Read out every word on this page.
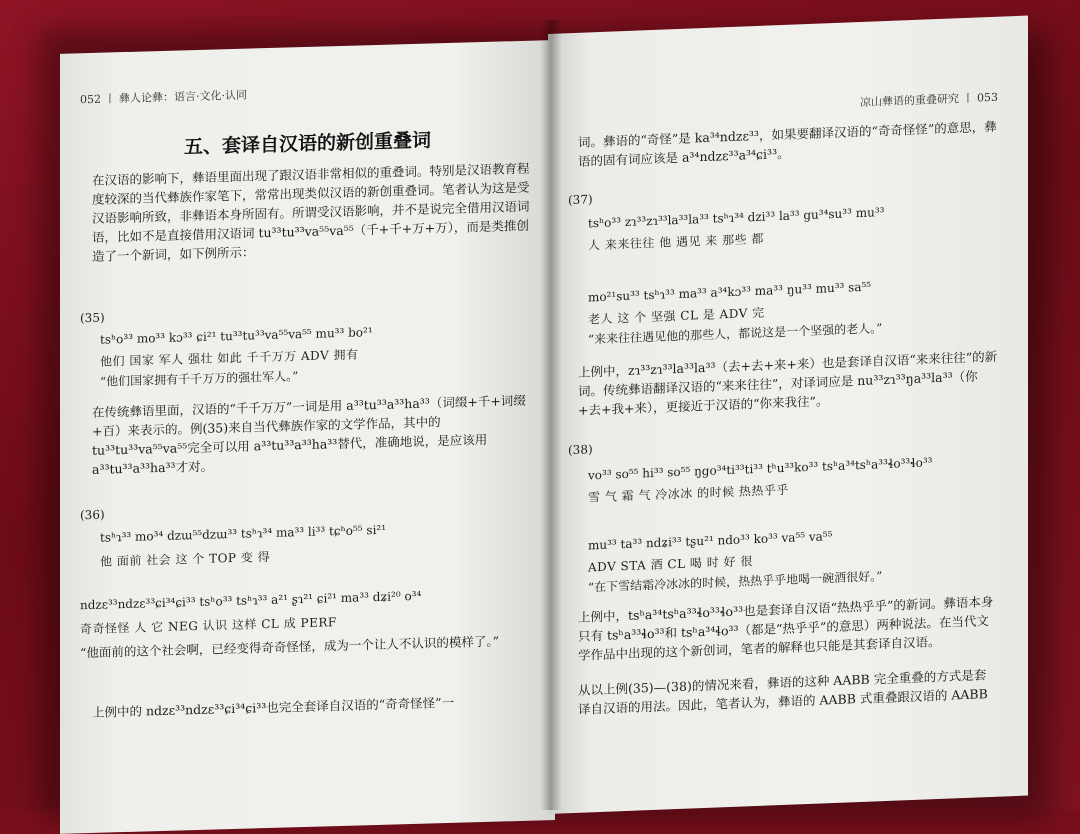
052 丨 彝人论彝：语言·文化·认同
五、套译自汉语的新创重叠词
在汉语的影响下，彝语里面出现了跟汉语非常相似的重叠词。特别是汉语教育程度较深的当代彝族作家笔下，常常出现类似汉语的新创重叠词。笔者认为这是受汉语影响所致，非彝语本身所固有。所谓受汉语影响，并不是说完全借用汉语词语，比如不是直接借用汉语词 tu³³tu³³va⁵⁵va⁵⁵（千+千+万+万），而是类推创造了一个新词，如下例所示：
(35)
tsʰo³³ mo³³ kɔ³³ ɕi²¹ tu³³tu³³va⁵⁵va⁵⁵ mu³³ bo²¹
他们 国家 军人 强壮 如此 千千万万 ADV 拥有
“他们国家拥有千千万万的强壮军人。”
在传统彝语里面，汉语的“千千万万”一词是用 a³³tu³³a³³ha³³（词缀+千+词缀+百）来表示的。例(35)来自当代彝族作家的文学作品，其中的 tu³³tu³³va⁵⁵va⁵⁵完全可以用 a³³tu³³a³³ha³³替代，准确地说，是应该用 a³³tu³³a³³ha³³才对。
(36)
tsʰɿ³³ mo³⁴ dzɯ⁵⁵dzɯ³³ tsʰɿ³⁴ ma³³ li³³ tɕʰo⁵⁵ si²¹
他 面前 社会 这 个 TOP 变 得
ndzɛ³³ndzɛ³³ɕi³⁴ɕi³³ tsʰo³³ tsʰɿ³³ a²¹ ʂɿ²¹ ɕi²¹ ma³³ dʑi²⁰ o³⁴
奇奇怪怪 人 它 NEG 认识 这样 CL 成 PERF
“他面前的这个社会啊，已经变得奇奇怪怪，成为一个让人不认识的模样了。”
上例中的 ndzɛ³³ndzɛ³³ɕi³⁴ɕi³³也完全套译自汉语的“奇奇怪怪”一
凉山彝语的重叠研究 丨 053
词。彝语的“奇怪”是 ka³⁴ndzɛ³³，如果要翻译汉语的“奇奇怪怪”的意思，彝语的固有词应该是 a³⁴ndzɛ³³a³⁴ɕi³³。
(37)
tsʰo³³ zɿ³³zɿ³³la³³la³³ tsʰɿ³⁴ dzi³³ la³³ gu³⁴su³³ mu³³
人 来来往往 他 遇见 来 那些 都
mo²¹su³³ tsʰɿ³³ ma³³ a³⁴kɔ³³ ma³³ ŋu³³ mu³³ sa⁵⁵
老人 这 个 坚强 CL 是 ADV 完
“来来往往遇见他的那些人，都说这是一个坚强的老人。”
上例中，zɿ³³zɿ³³la³³la³³（去+去+来+来）也是套译自汉语“来来往往”的新词。传统彝语翻译汉语的“来来往往”，对译词应是 nu³³zɿ³³ŋa³³la³³（你+去+我+来），更接近于汉语的“你来我往”。
(38)
vo³³ so⁵⁵ hi³³ so⁵⁵ ŋgo³⁴ti³³ti³³ tʰu³³ko³³ tsʰa³⁴tsʰa³³ɬo³³ɬo³³
雪 气 霜 气 冷冰冰 的时候 热热乎乎
mu³³ ta³³ ndʑi³³ tʂu²¹ ndo³³ ko³³ va⁵⁵ va⁵⁵
ADV STA 酒 CL 喝 时 好 很
“在下雪结霜冷冰冰的时候，热热乎乎地喝一碗酒很好。”
上例中，tsʰa³⁴tsʰa³³ɬo³³ɬo³³也是套译自汉语“热热乎乎”的新词。彝语本身只有 tsʰa³³ɬo³³和 tsʰa³⁴ɬo³³（都是“热乎乎”的意思）两种说法。在当代文学作品中出现的这个新创词，笔者的解释也只能是其套译自汉语。
从以上例(35)—(38)的情况来看，彝语的这种 AABB 完全重叠的方式是套译自汉语的用法。因此，笔者认为，彝语的 AABB 式重叠跟汉语的 AABB
